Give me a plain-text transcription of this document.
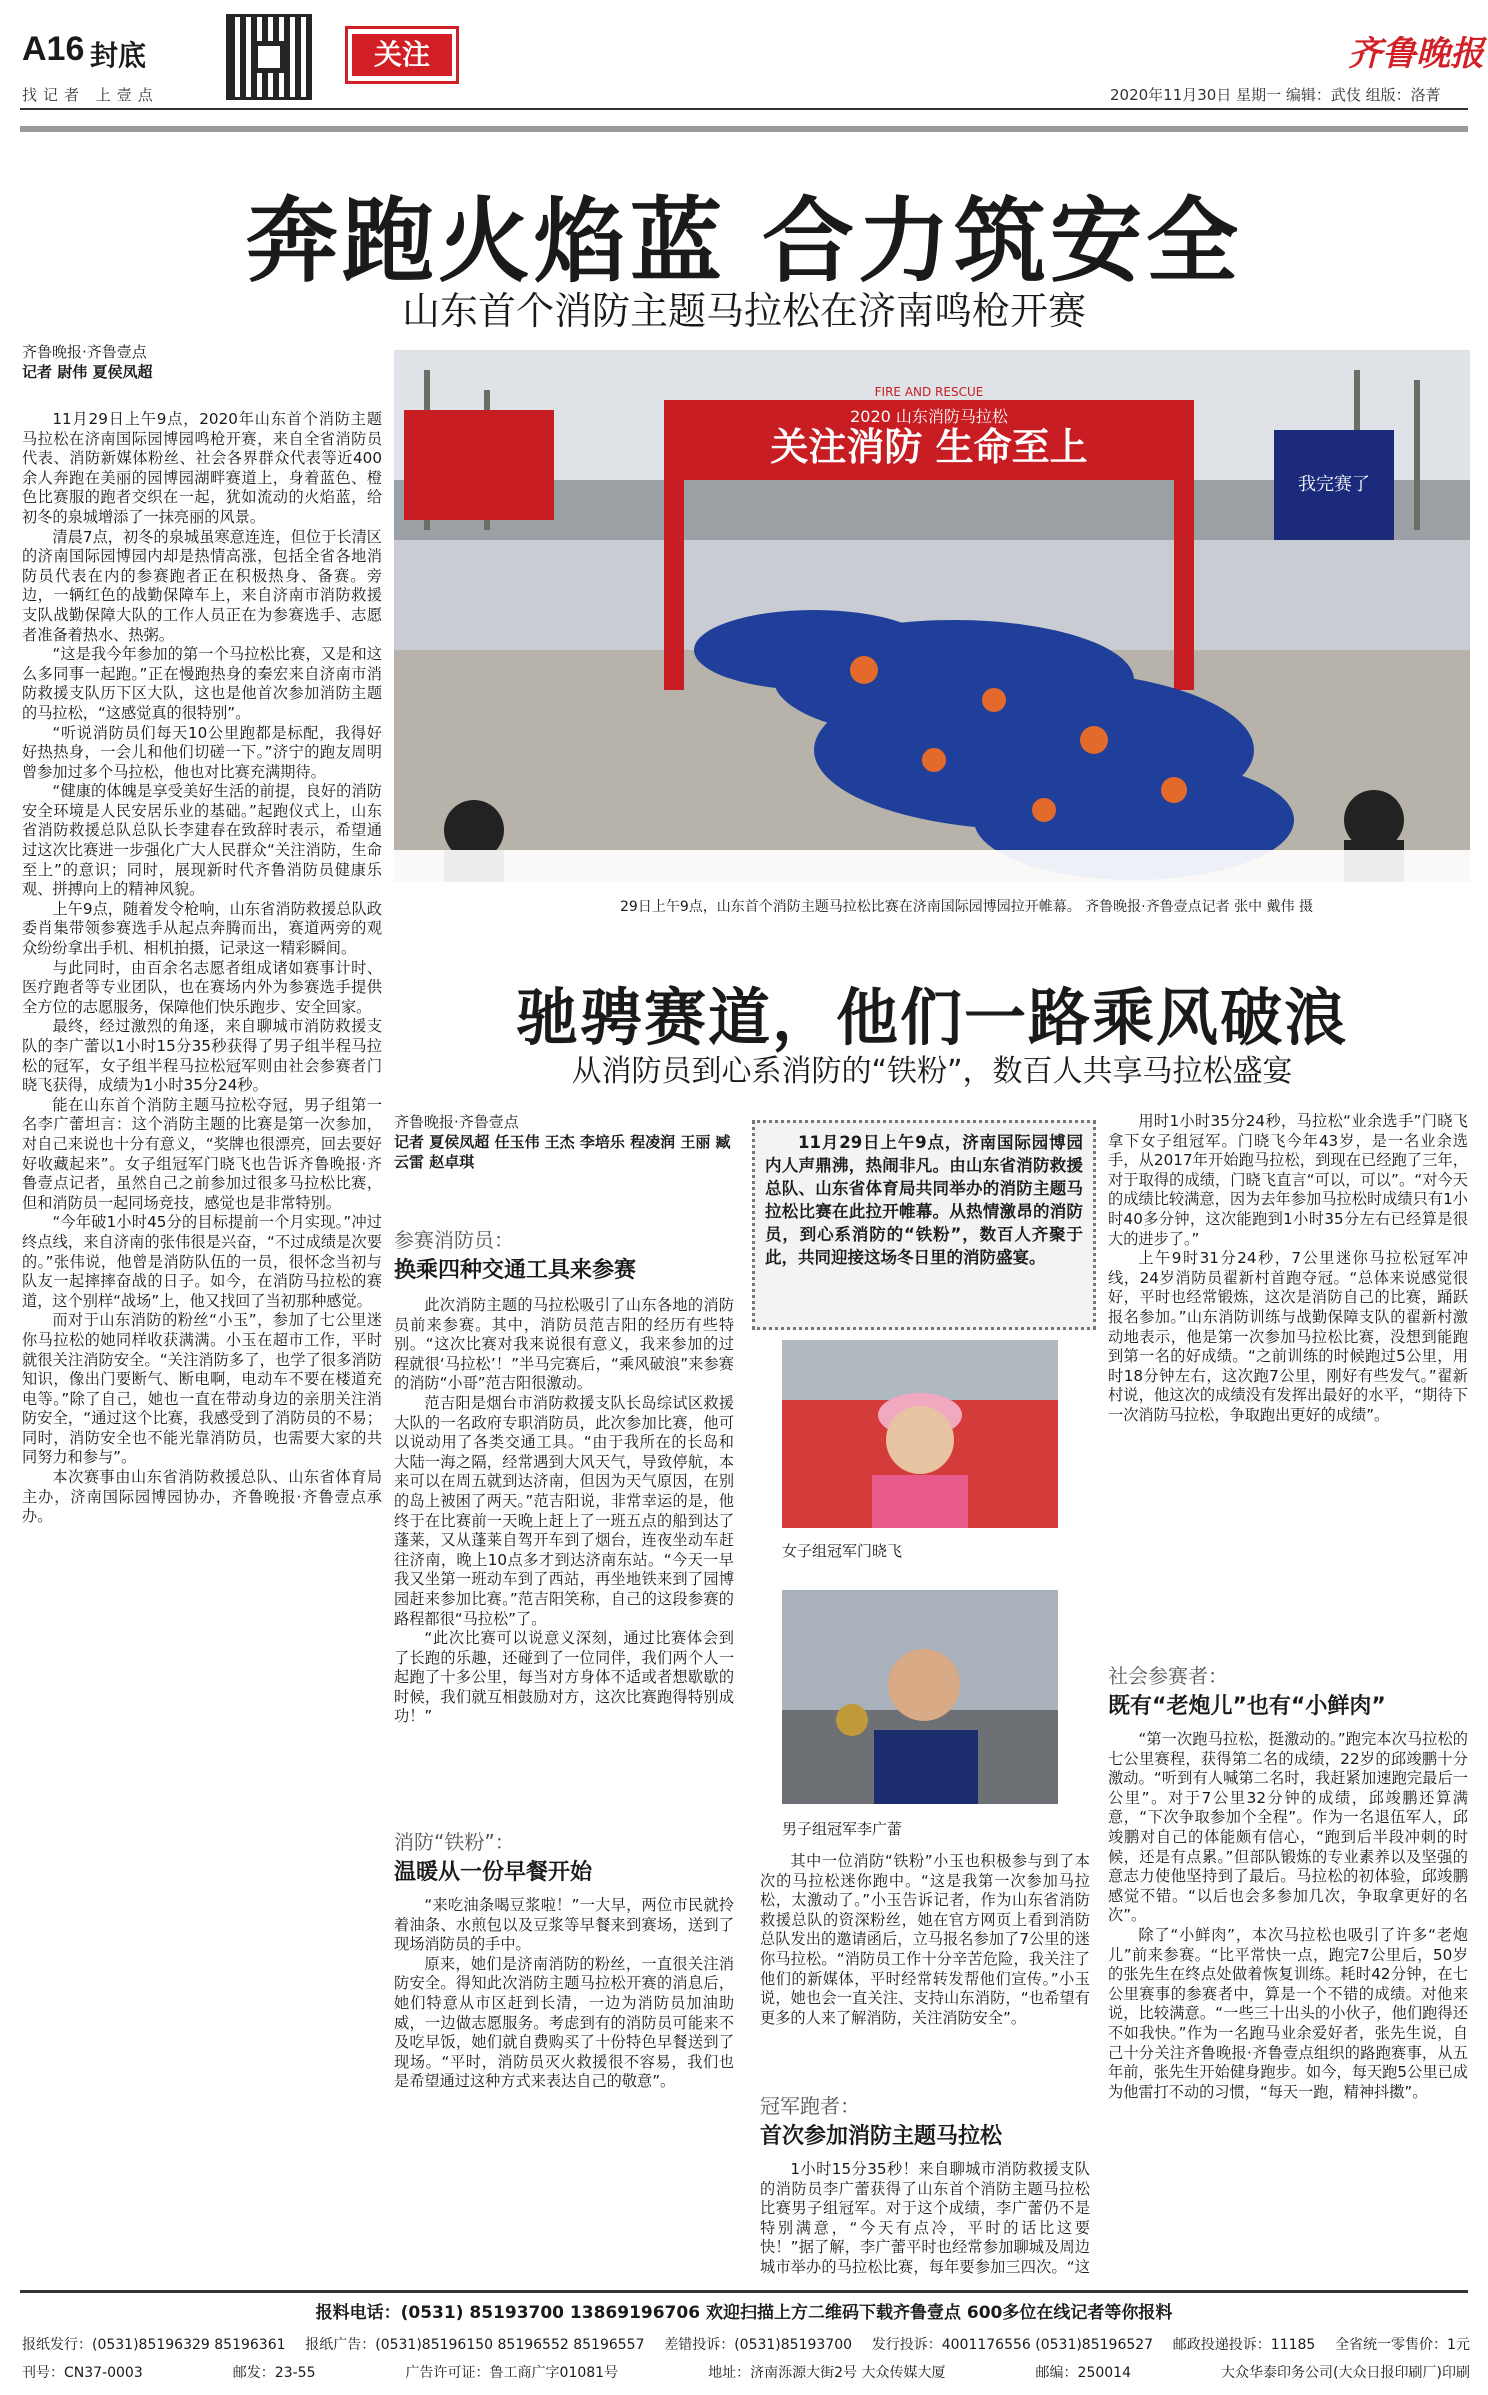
A16 封底
找记者 上壹点
关注	齐鲁晚报
2020年11月30日 星期一 编辑：武伎 组版：洛菁
奔跑火焰蓝 合力筑安全
山东首个消防主题马拉松在济南鸣枪开赛
齐鲁晚报·齐鲁壹点
记者 尉伟 夏侯凤超

11月29日上午9点，2020年山东首个消防主题马拉松在济南国际园博园鸣枪开赛，来自全省消防员代表、消防新媒体粉丝、社会各界群众代表等近400余人奔跑在美丽的园博园湖畔赛道上，身着蓝色、橙色比赛服的跑者交织在一起，犹如流动的火焰蓝，给初冬的泉城增添了一抹亮丽的风景。

清晨7点，初冬的泉城虽寒意连连，但位于长清区的济南国际园博园内却是热情高涨，包括全省各地消防员代表在内的参赛跑者正在积极热身、备赛。旁边，一辆红色的战勤保障车上，来自济南市消防救援支队战勤保障大队的工作人员正在为参赛选手、志愿者准备着热水、热粥。

“这是我今年参加的第一个马拉松比赛，又是和这么多同事一起跑。”正在慢跑热身的秦宏来自济南市消防救援支队历下区大队，这也是他首次参加消防主题的马拉松，“这感觉真的很特别”。

“听说消防员们每天10公里跑都是标配，我得好好热热身，一会儿和他们切磋一下。”济宁的跑友周明曾参加过多个马拉松，他也对比赛充满期待。

“健康的体魄是享受美好生活的前提，良好的消防安全环境是人民安居乐业的基础。”起跑仪式上，山东省消防救援总队总队长李建春在致辞时表示，希望通过这次比赛进一步强化广大人民群众“关注消防，生命至上”的意识；同时，展现新时代齐鲁消防员健康乐观、拼搏向上的精神风貌。

上午9点，随着发令枪响，山东省消防救援总队政委肖集带领参赛选手从起点奔腾而出，赛道两旁的观众纷纷拿出手机、相机拍摄，记录这一精彩瞬间。

与此同时，由百余名志愿者组成诸如赛事计时、医疗跑者等专业团队，也在赛场内外为参赛选手提供全方位的志愿服务，保障他们快乐跑步、安全回家。

最终，经过激烈的角逐，来自聊城市消防救援支队的李广蕾以1小时15分35秒获得了男子组半程马拉松的冠军，女子组半程马拉松冠军则由社会参赛者门晓飞获得，成绩为1小时35分24秒。

能在山东首个消防主题马拉松夺冠，男子组第一名李广蕾坦言：这个消防主题的比赛是第一次参加，对自己来说也十分有意义，“奖牌也很漂亮，回去要好好收藏起来”。女子组冠军门晓飞也告诉齐鲁晚报·齐鲁壹点记者，虽然自己之前参加过很多马拉松比赛，但和消防员一起同场竞技，感觉也是非常特别。

“今年破1小时45分的目标提前一个月实现。”冲过终点线，来自济南的张伟很是兴奋，“不过成绩是次要的。”张伟说，他曾是消防队伍的一员，很怀念当初与队友一起摔摔奋战的日子。如今，在消防马拉松的赛道，这个别样“战场”上，他又找回了当初那种感觉。

而对于山东消防的粉丝“小玉”，参加了七公里迷你马拉松的她同样收获满满。小玉在超市工作，平时就很关注消防安全。“关注消防多了，也学了很多消防知识，像出门要断气、断电啊，电动车不要在楼道充电等。”除了自己，她也一直在带动身边的亲朋关注消防安全，“通过这个比赛，我感受到了消防员的不易；同时，消防安全也不能光靠消防员，也需要大家的共同努力和参与”。

本次赛事由山东省消防救援总队、山东省体育局主办，济南国际园博园协办，齐鲁晚报·齐鲁壹点承办。

关注消防 生命至上
2020 山东消防马拉松
FIRE AND RESCUE
我完赛了
29日上午9点，山东首个消防主题马拉松比赛在济南国际园博园拉开帷幕。 齐鲁晚报·齐鲁壹点记者 张中 戴伟 摄
驰骋赛道，他们一路乘风破浪
从消防员到心系消防的“铁粉”，数百人共享马拉松盛宴
齐鲁晚报·齐鲁壹点
记者 夏侯凤超 任玉伟 王杰 李培乐 程凌润 王丽 臧云雷 赵卓琪
参赛消防员：
换乘四种交通工具来参赛

此次消防主题的马拉松吸引了山东各地的消防员前来参赛。其中，消防员范吉阳的经历有些特别。“这次比赛对我来说很有意义，我来参加的过程就很‘马拉松’！”半马完赛后，“乘风破浪”来参赛的消防“小哥”范吉阳很激动。

范吉阳是烟台市消防救援支队长岛综试区救援大队的一名政府专职消防员，此次参加比赛，他可以说动用了各类交通工具。“由于我所在的长岛和大陆一海之隔，经常遇到大风天气，导致停航，本来可以在周五就到达济南，但因为天气原因，在别的岛上被困了两天。”范吉阳说，非常幸运的是，他终于在比赛前一天晚上赶上了一班五点的船到达了蓬莱，又从蓬莱自驾开车到了烟台，连夜坐动车赶往济南，晚上10点多才到达济南东站。“今天一早我又坐第一班动车到了西站，再坐地铁来到了园博园赶来参加比赛。”范吉阳笑称，自己的这段参赛的路程都很“马拉松”了。

“此次比赛可以说意义深刻，通过比赛体会到了长跑的乐趣，还碰到了一位同伴，我们两个人一起跑了十多公里，每当对方身体不适或者想歇歇的时候，我们就互相鼓励对方，这次比赛跑得特别成功！”

消防“铁粉”：
温暖从一份早餐开始

“来吃油条喝豆浆啦！”一大早，两位市民就拎着油条、水煎包以及豆浆等早餐来到赛场，送到了现场消防员的手中。

原来，她们是济南消防的粉丝，一直很关注消防安全。得知此次消防主题马拉松开赛的消息后，她们特意从市区赶到长清，一边为消防员加油助威，一边做志愿服务。考虑到有的消防员可能来不及吃早饭，她们就自费购买了十份特色早餐送到了现场。“平时，消防员灭火救援很不容易，我们也是希望通过这种方式来表达自己的敬意”。

11月29日上午9点，济南国际园博园内人声鼎沸，热闹非凡。由山东省消防救援总队、山东省体育局共同举办的消防主题马拉松比赛在此拉开帷幕。从热情激昂的消防员，到心系消防的“铁粉”，数百人齐聚于此，共同迎接这场冬日里的消防盛宴。
女子组冠军门晓飞
男子组冠军李广蕾

其中一位消防“铁粉”小玉也积极参与到了本次的马拉松迷你跑中。“这是我第一次参加马拉松，太激动了。”小玉告诉记者，作为山东省消防救援总队的资深粉丝，她在官方网页上看到消防总队发出的邀请函后，立马报名参加了7公里的迷你马拉松。“消防员工作十分辛苦危险，我关注了他们的新媒体，平时经常转发帮他们宣传。”小玉说，她也会一直关注、支持山东消防，“也希望有更多的人来了解消防，关注消防安全”。

冠军跑者：
首次参加消防主题马拉松

1小时15分35秒！来自聊城市消防救援支队的消防员李广蕾获得了山东首个消防主题马拉松比赛男子组冠军。对于这个成绩，李广蕾仍不是特别满意，“今天有点冷，平时的话比这要快！”据了解，李广蕾平时也经常参加聊城及周边城市举办的马拉松比赛，每年要参加三四次。“这

用时1小时35分24秒，马拉松“业余选手”门晓飞拿下女子组冠军。门晓飞今年43岁，是一名业余选手，从2017年开始跑马拉松，到现在已经跑了三年，对于取得的成绩，门晓飞直言“可以，可以”。“对今天的成绩比较满意，因为去年参加马拉松时成绩只有1小时40多分钟，这次能跑到1小时35分左右已经算是很大的进步了。”

上午9时31分24秒，7公里迷你马拉松冠军冲线，24岁消防员翟新村首跑夺冠。“总体来说感觉很好，平时也经常锻炼，这次是消防自己的比赛，踊跃报名参加。”山东消防训练与战勤保障支队的翟新村激动地表示，他是第一次参加马拉松比赛，没想到能跑到第一名的好成绩。“之前训练的时候跑过5公里，用时18分钟左右，这次跑7公里，刚好有些发气。”翟新村说，他这次的成绩没有发挥出最好的水平，“期待下一次消防马拉松，争取跑出更好的成绩”。

社会参赛者：
既有“老炮儿”也有“小鲜肉”

“第一次跑马拉松，挺激动的。”跑完本次马拉松的七公里赛程，获得第二名的成绩，22岁的邱竣鹏十分激动。“听到有人喊第二名时，我赶紧加速跑完最后一公里”。对于7公里32分钟的成绩，邱竣鹏还算满意，“下次争取参加个全程”。作为一名退伍军人，邱竣鹏对自己的体能颇有信心，“跑到后半段冲刺的时候，还是有点累。”但部队锻炼的专业素养以及坚强的意志力使他坚持到了最后。马拉松的初体验，邱竣鹏感觉不错。“以后也会多参加几次，争取拿更好的名次”。

除了“小鲜肉”，本次马拉松也吸引了许多“老炮儿”前来参赛。“比平常快一点，跑完7公里后，50岁的张先生在终点处做着恢复训练。耗时42分钟，在七公里赛事的参赛者中，算是一个不错的成绩。对他来说，比较满意。“一些三十出头的小伙子，他们跑得还不如我快。”作为一名跑马业余爱好者，张先生说，自己十分关注齐鲁晚报·齐鲁壹点组织的路跑赛事，从五年前，张先生开始健身跑步。如今，每天跑5公里已成为他雷打不动的习惯，“每天一跑，精神抖擞”。

报料电话：(0531) 85193700 13869196706 欢迎扫描上方二维码下载齐鲁壹点 600多位在线记者等你报料
报纸发行：(0531)85196329 85196361 报纸广告：(0531)85196150 85196552 85196557 差错投诉：(0531)85193700 发行投诉：4001176556 (0531)85196527 邮政投递投诉：11185 全省统一零售价：1元
刊号：CN37-0003	邮发：23-55	广告许可证：鲁工商广字01081号	地址：济南泺源大街2号 大众传媒大厦	邮编：250014	大众华泰印务公司(大众日报印刷厂)印刷
